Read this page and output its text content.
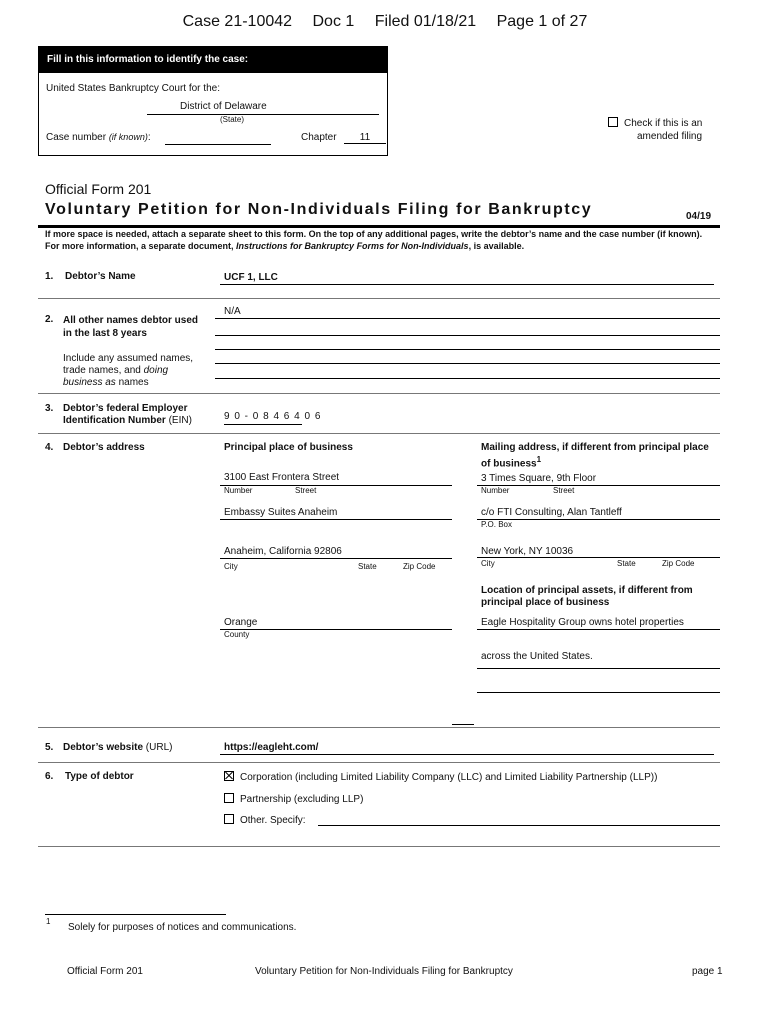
Case 21-10042 Doc 1 Filed 01/18/21 Page 1 of 27
Fill in this information to identify the case:
United States Bankruptcy Court for the:
District of Delaware
(State)
Case number (if known):	Chapter	11
Check if this is an
amended filing
Official Form 201
Voluntary Petition for Non-Individuals Filing for Bankruptcy	04/19
If more space is needed, attach a separate sheet to this form. On the top of any additional pages, write the debtor’s name and the case number (if known). For more information, a separate document, Instructions for Bankruptcy Forms for Non-Individuals, is available.
1. Debtor’s Name	UCF 1, LLC
2. All other names debtor used
in the last 8 years
Include any assumed names,
trade names, and doing
business as names
N/A
3. Debtor’s federal Employer
Identification Number (EIN)	9 0 - 0 8 4 6 4 0 6
4. Debtor’s address	Principal place of business	Mailing address, if different from principal place of business$^1$
3100 East Frontera Street
Number	Street
3 Times Square, 9th Floor
Number	Street
Embassy Suites Anaheim	c/o FTI Consulting, Alan Tantleff
P.O. Box
Anaheim, California 92806
City	State	Zip Code
New York, NY 10036
City	State	Zip Code
Location of principal assets, if different from principal place of business
Eagle Hospitality Group owns hotel properties
across the United States.
Orange
County
5. Debtor’s website (URL)	https://eagleht.com/
6. Type of debtor	Corporation (including Limited Liability Company (LLC) and Limited Liability Partnership (LLP))
Partnership (excluding LLP)
Other. Specify:
1
Solely for purposes of notices and communications.
Official Form 201	Voluntary Petition for Non-Individuals Filing for Bankruptcy	page 1
